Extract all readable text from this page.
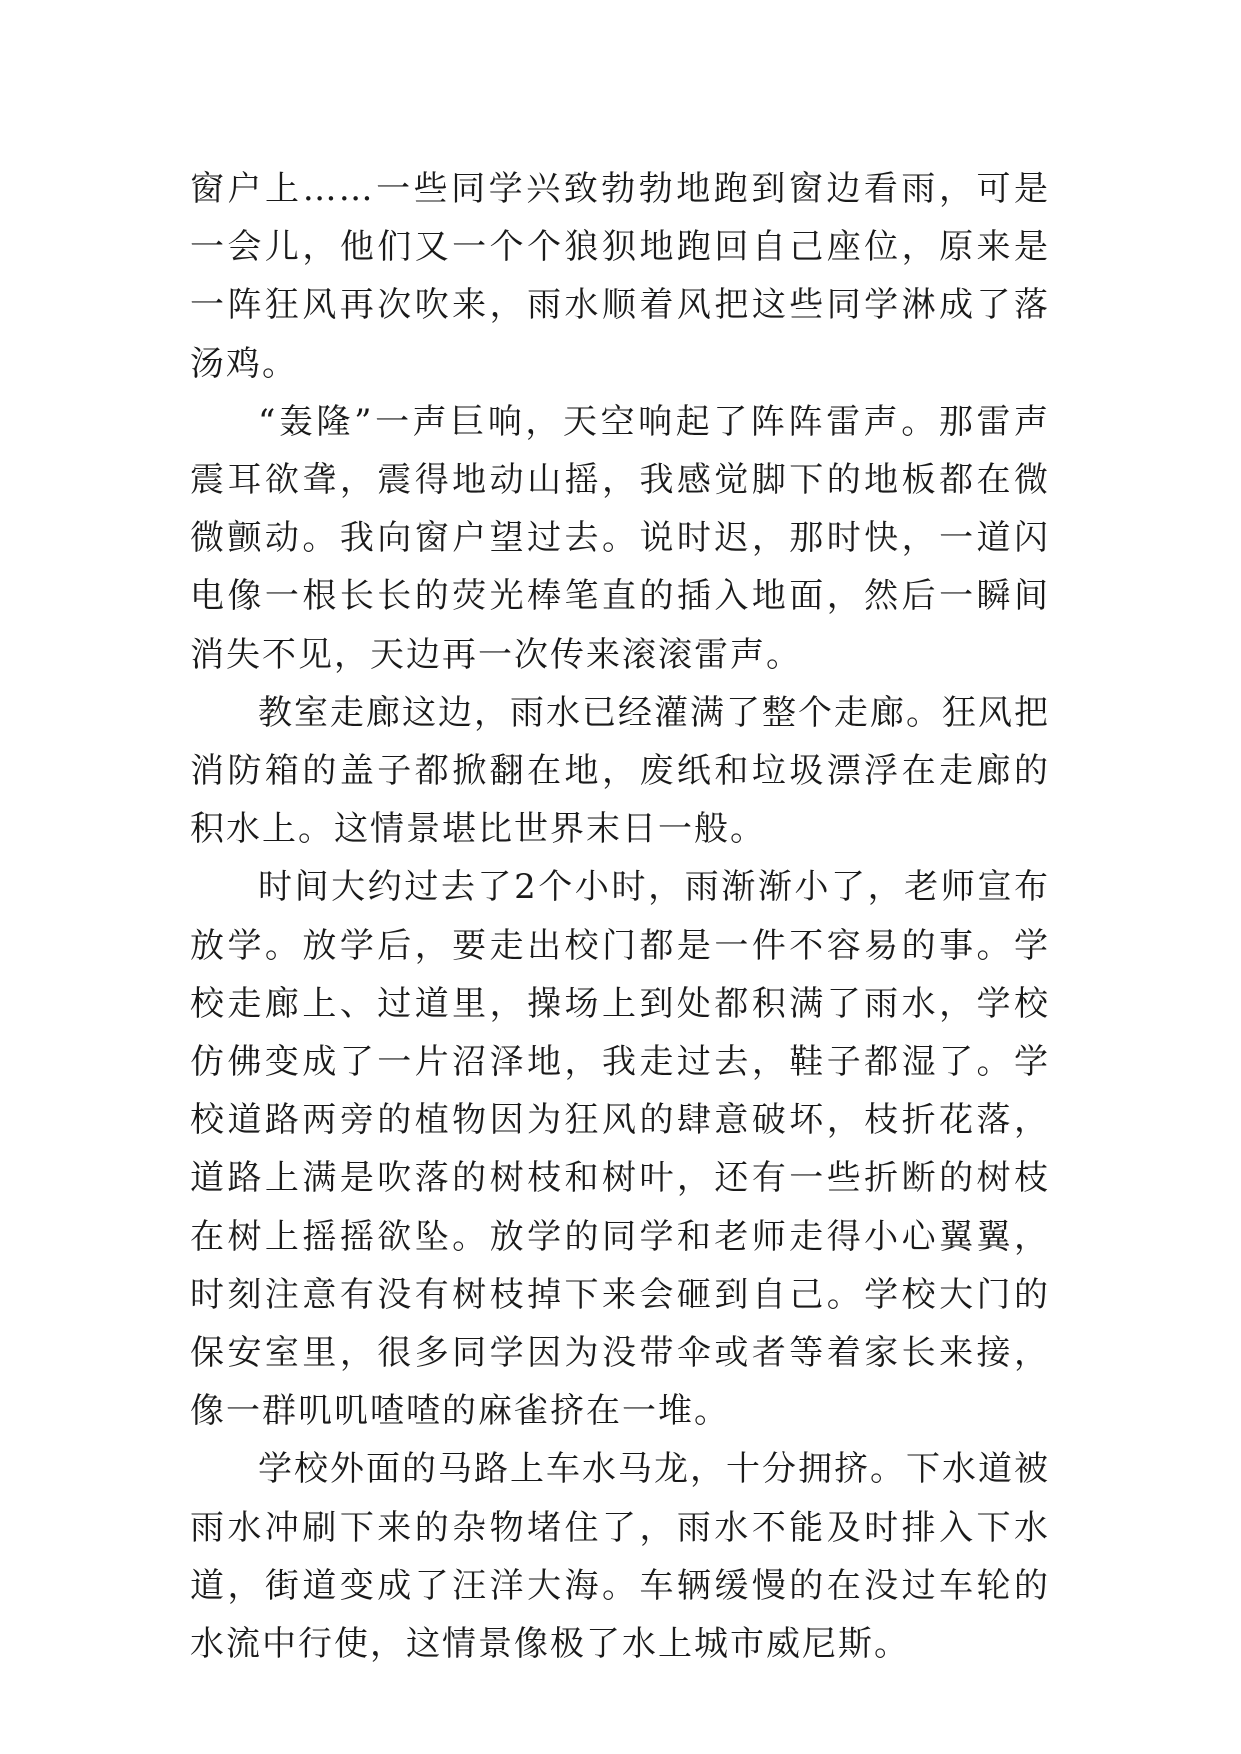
窗户上……一些同学兴致勃勃地跑到窗边看雨，可是一会儿，他们又一个个狼狈地跑回自己座位，原来是一阵狂风再次吹来，雨水顺着风把这些同学淋成了落汤鸡。

“轰隆”一声巨响，天空响起了阵阵雷声。那雷声震耳欲聋，震得地动山摇，我感觉脚下的地板都在微微颤动。我向窗户望过去。说时迟，那时快，一道闪电像一根长长的荧光棒笔直的插入地面，然后一瞬间消失不见，天边再一次传来滚滚雷声。

教室走廊这边，雨水已经灌满了整个走廊。狂风把消防箱的盖子都掀翻在地，废纸和垃圾漂浮在走廊的积水上。这情景堪比世界末日一般。

时间大约过去了2个小时，雨渐渐小了，老师宣布放学。放学后，要走出校门都是一件不容易的事。学校走廊上、过道里，操场上到处都积满了雨水，学校仿佛变成了一片沼泽地，我走过去，鞋子都湿了。学校道路两旁的植物因为狂风的肆意破坏，枝折花落，道路上满是吹落的树枝和树叶，还有一些折断的树枝在树上摇摇欲坠。放学的同学和老师走得小心翼翼，时刻注意有没有树枝掉下来会砸到自己。学校大门的保安室里，很多同学因为没带伞或者等着家长来接，像一群叽叽喳喳的麻雀挤在一堆。

学校外面的马路上车水马龙，十分拥挤。下水道被雨水冲刷下来的杂物堵住了，雨水不能及时排入下水道，街道变成了汪洋大海。车辆缓慢的在没过车轮的水流中行使，这情景像极了水上城市威尼斯。
